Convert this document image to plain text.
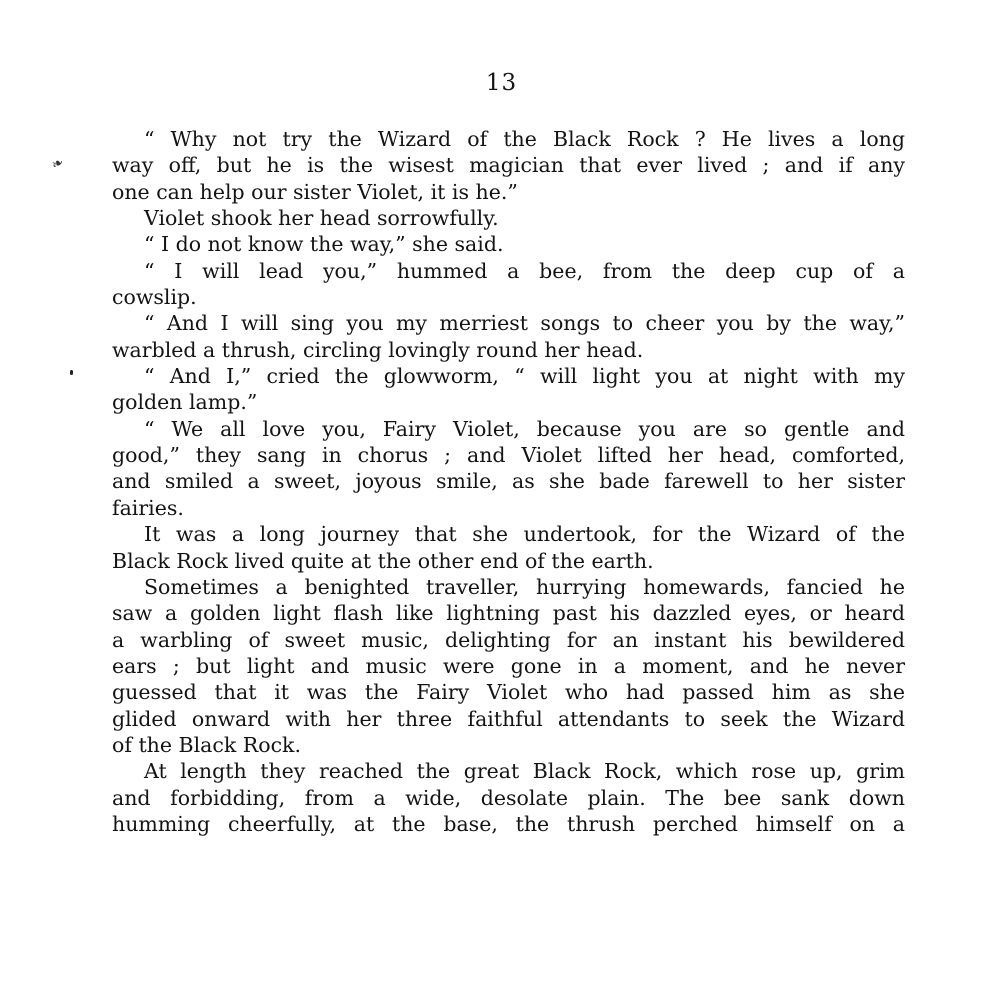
13
❧
“ Why not try the Wizard of the Black Rock ? He lives a long
way off, but he is the wisest magician that ever lived ; and if any
one can help our sister Violet, it is he.”
Violet shook her head sorrowfully.
“ I do not know the way,” she said.
“ I will lead you,” hummed a bee, from the deep cup of a
cowslip.
“ And I will sing you my merriest songs to cheer you by the way,”
warbled a thrush, circling lovingly round her head.
“ And I,” cried the glowworm, “ will light you at night with my
golden lamp.”
“ We all love you, Fairy Violet, because you are so gentle and
good,” they sang in chorus ; and Violet lifted her head, comforted,
and smiled a sweet, joyous smile, as she bade farewell to her sister
fairies.
It was a long journey that she undertook, for the Wizard of the
Black Rock lived quite at the other end of the earth.
Sometimes a benighted traveller, hurrying homewards, fancied he
saw a golden light flash like lightning past his dazzled eyes, or heard
a warbling of sweet music, delighting for an instant his bewildered
ears ; but light and music were gone in a moment, and he never
guessed that it was the Fairy Violet who had passed him as she
glided onward with her three faithful attendants to seek the Wizard
of the Black Rock.
At length they reached the great Black Rock, which rose up, grim
and forbidding, from a wide, desolate plain. The bee sank down
humming cheerfully, at the base, the thrush perched himself on a
